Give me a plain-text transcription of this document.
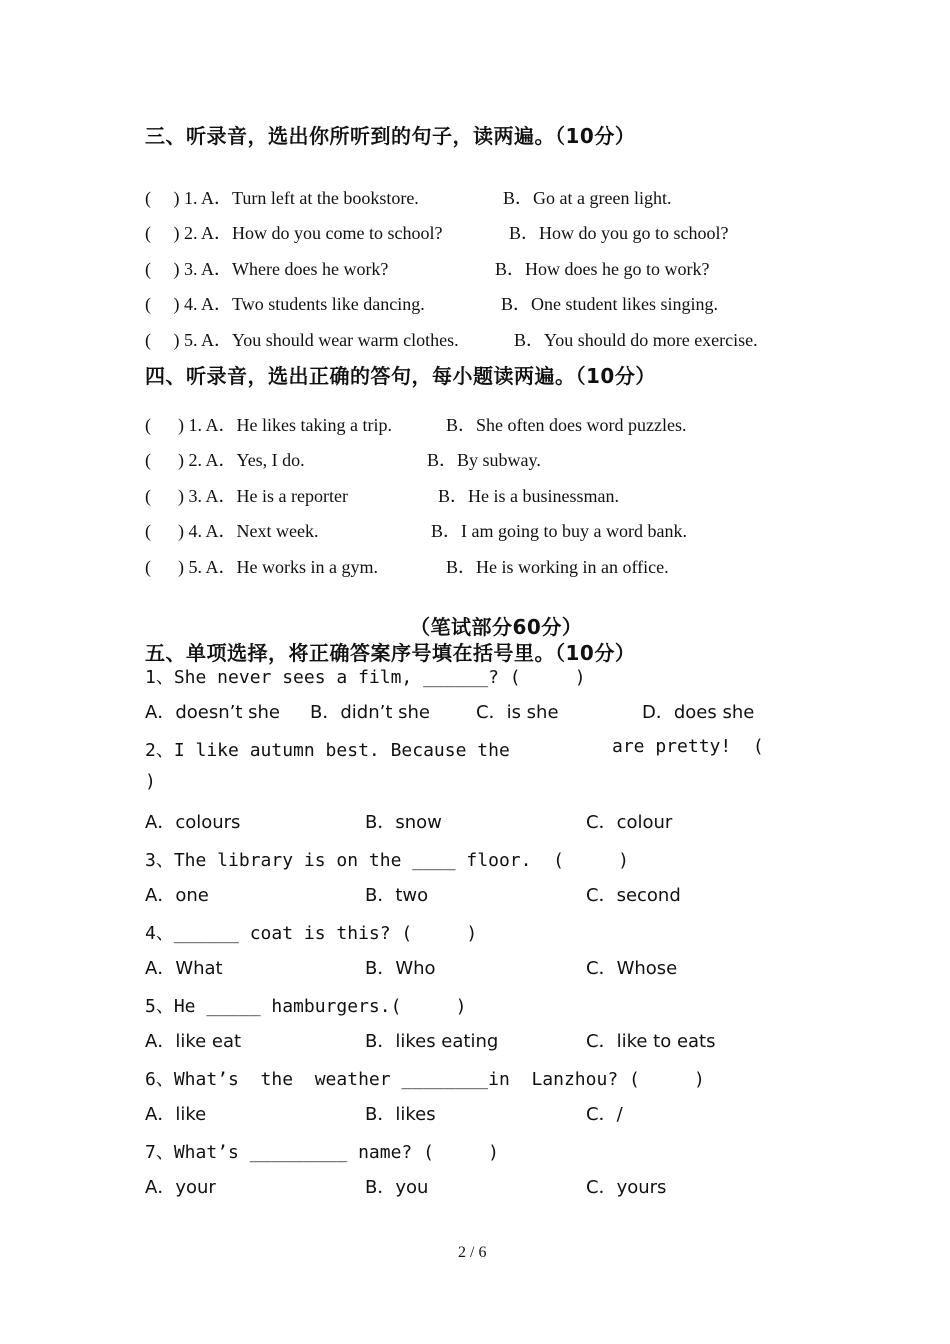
三、听录音，选出你所听到的句子，读两遍。（10分）
(     ) 1. A．Turn left at the bookstore.	B．Go at a green light.
(     ) 2. A．How do you come to school?	B．How do you go to school?
(     ) 3. A．Where does he work?	B．How does he go to work?
(     ) 4. A．Two students like dancing.	B．One student likes singing.
(     ) 5. A．You should wear warm clothes.	B．You should do more exercise.
四、听录音，选出正确的答句，每小题读两遍。（10分）
(      ) 1. A．He likes taking a trip.	B．She often does word puzzles.
(      ) 2. A．Yes, I do.	B．By subway.
(      ) 3. A．He is a reporter	B．He is a businessman.
(      ) 4. A．Next week.	B．I am going to buy a word bank.
(      ) 5. A．He works in a gym.	B．He is working in an office.
（笔试部分60分）
五、单项选择，将正确答案序号填在括号里。（10分）
1、She never sees a film, ______? (     )
A．doesn’t she B．didn’t she	C．is she	D．does she
2、I like autumn best. Because the	are pretty!  (
)
A．colours	B．snow	C．colour
3、The library is on the ____ floor.  (     )
A．one	B．two	C．second
4、______ coat is this? (     )
A．What	B．Who	C．Whose
5、He _____ hamburgers.(     )
A．like eat	B．likes eating	C．like to eats
6、What’s  the  weather ________in  Lanzhou? (     )
A．like	B．likes	C．/
7、What’s _________ name? (     )
A．your	B．you	C．yours
2 / 6
